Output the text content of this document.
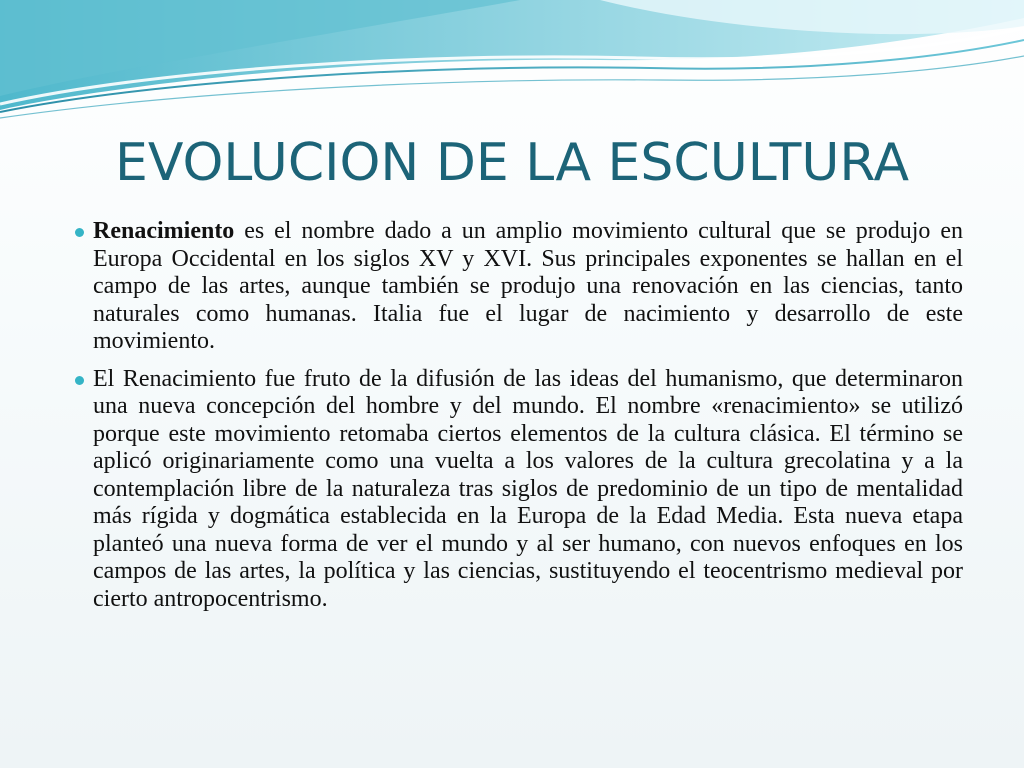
EVOLUCION DE LA ESCULTURA
Renacimiento es el nombre dado a un amplio movimiento cultural que se produjo en Europa Occidental en los siglos XV y XVI. Sus principales exponentes se hallan en el campo de las artes, aunque también se produjo una renovación en las ciencias, tanto naturales como humanas. Italia fue el lugar de nacimiento y desarrollo de este movimiento.
El Renacimiento fue fruto de la difusión de las ideas del humanismo, que determinaron una nueva concepción del hombre y del mundo. El nombre «renacimiento» se utilizó porque este movimiento retomaba ciertos elementos de la cultura clásica. El término se aplicó originariamente como una vuelta a los valores de la cultura grecolatina y a la contemplación libre de la naturaleza tras siglos de predominio de un tipo de mentalidad más rígida y dogmática establecida en la Europa de la Edad Media. Esta nueva etapa planteó una nueva forma de ver el mundo y al ser humano, con nuevos enfoques en los campos de las artes, la política y las ciencias, sustituyendo el teocentrismo medieval por cierto antropocentrismo.
